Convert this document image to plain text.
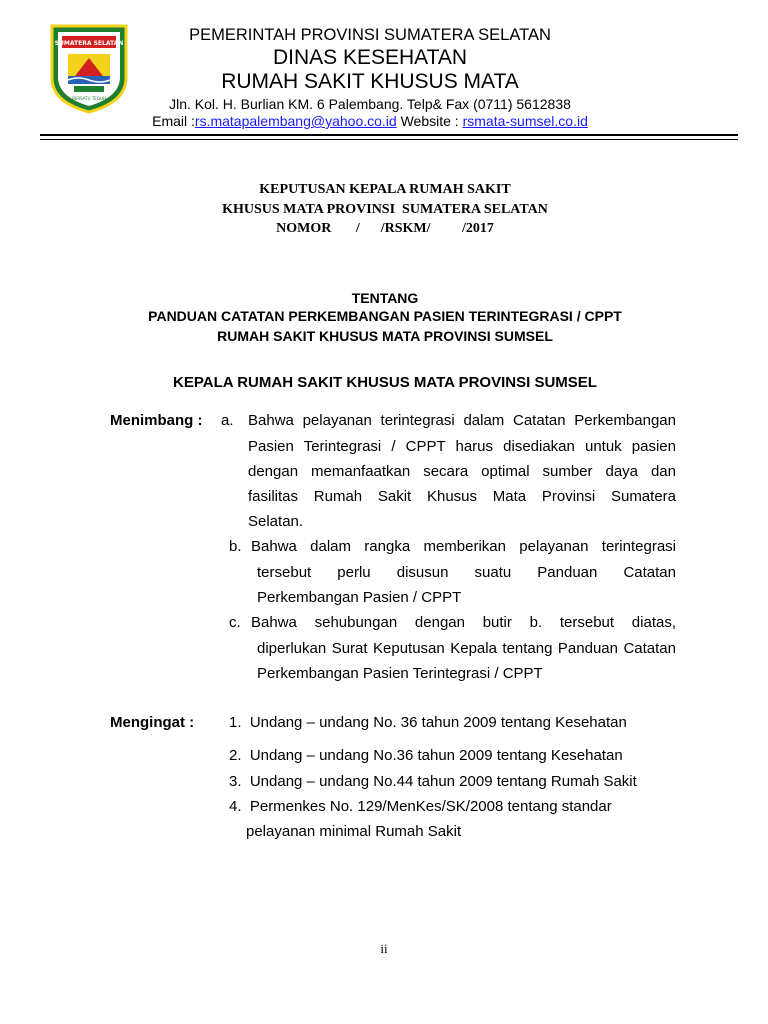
SUMATERA SELATAN
BERSATU TEGUH
PEMERINTAH PROVINSI SUMATERA SELATAN
DINAS KESEHATAN
RUMAH SAKIT KHUSUS MATA
Jln. Kol. H. Burlian KM. 6 Palembang. Telp& Fax (0711) 5612838
Email :rs.matapalembang@yahoo.co.id Website : rsmata-sumsel.co.id
KEPUTUSAN KEPALA RUMAH SAKIT
KHUSUS MATA PROVINSI  SUMATERA SELATAN
NOMOR       /      /RSKM/         /2017
TENTANG
PANDUAN CATATAN PERKEMBANGAN PASIEN TERINTEGRASI / CPPT
RUMAH SAKIT KHUSUS MATA PROVINSI SUMSEL
KEPALA RUMAH SAKIT KHUSUS MATA PROVINSI SUMSEL
Menimbang : a. Bahwa pelayanan terintegrasi dalam Catatan Perkembangan
Pasien Terintegrasi / CPPT harus disediakan untuk pasien
dengan memanfaatkan secara optimal sumber daya dan
fasilitas Rumah Sakit Khusus Mata Provinsi Sumatera
Selatan.
b. Bahwa dalam rangka memberikan pelayanan terintegrasi
tersebut perlu disusun suatu Panduan Catatan
Perkembangan Pasien / CPPT
c. Bahwa sehubungan dengan butir b. tersebut diatas,
diperlukan Surat Keputusan Kepala tentang Panduan Catatan
Perkembangan Pasien Terintegrasi / CPPT
Mengingat : 1.  Undang – undang No. 36 tahun 2009 tentang Kesehatan
2.  Undang – undang No.36 tahun 2009 tentang Kesehatan
3.  Undang – undang No.44 tahun 2009 tentang Rumah Sakit
4.  Permenkes No. 129/MenKes/SK/2008 tentang standar
pelayanan minimal Rumah Sakit
ii
